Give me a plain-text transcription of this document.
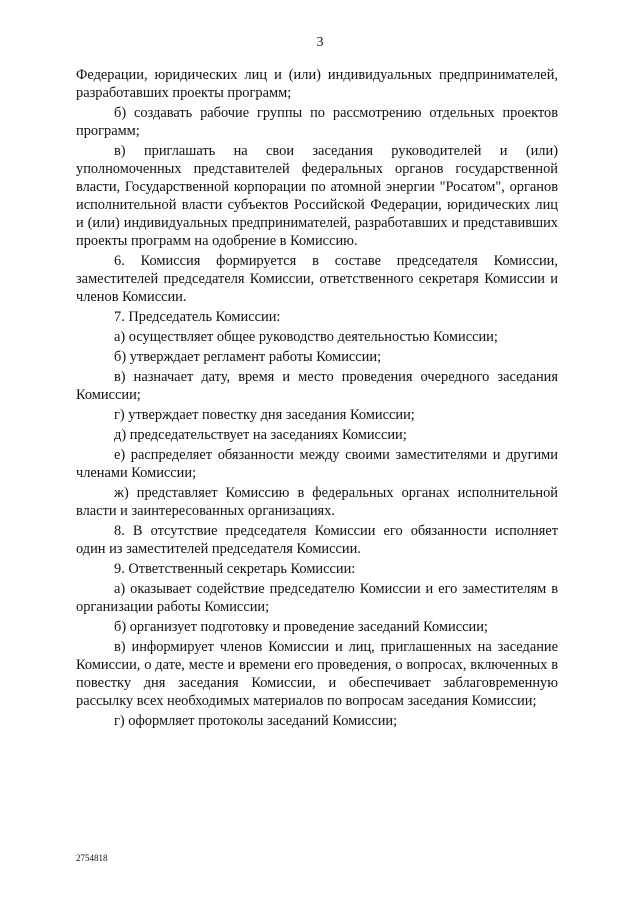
3

Федерации, юридических лиц и (или) индивидуальных предпринимателей, разработавших проекты программ;

б) создавать рабочие группы по рассмотрению отдельных проектов программ;

в) приглашать на свои заседания руководителей и (или) уполномоченных представителей федеральных органов государственной власти, Государственной корпорации по атомной энергии "Росатом", органов исполнительной власти субъектов Российской Федерации, юридических лиц и (или) индивидуальных предпринимателей, разработавших и представивших проекты программ на одобрение в Комиссию.

6. Комиссия формируется в составе председателя Комиссии, заместителей председателя Комиссии, ответственного секретаря Комиссии и членов Комиссии.

7. Председатель Комиссии:

а) осуществляет общее руководство деятельностью Комиссии;

б) утверждает регламент работы Комиссии;

в) назначает дату, время и место проведения очередного заседания Комиссии;

г) утверждает повестку дня заседания Комиссии;

д) председательствует на заседаниях Комиссии;

е) распределяет обязанности между своими заместителями и другими членами Комиссии;

ж) представляет Комиссию в федеральных органах исполнительной власти и заинтересованных организациях.

8. В отсутствие председателя Комиссии его обязанности исполняет один из заместителей председателя Комиссии.

9. Ответственный секретарь Комиссии:

а) оказывает содействие председателю Комиссии и его заместителям в организации работы Комиссии;

б) организует подготовку и проведение заседаний Комиссии;

в) информирует членов Комиссии и лиц, приглашенных на заседание Комиссии, о дате, месте и времени его проведения, о вопросах, включенных в повестку дня заседания Комиссии, и обеспечивает заблаговременную рассылку всех необходимых материалов по вопросам заседания Комиссии;

г) оформляет протоколы заседаний Комиссии;

2754818
